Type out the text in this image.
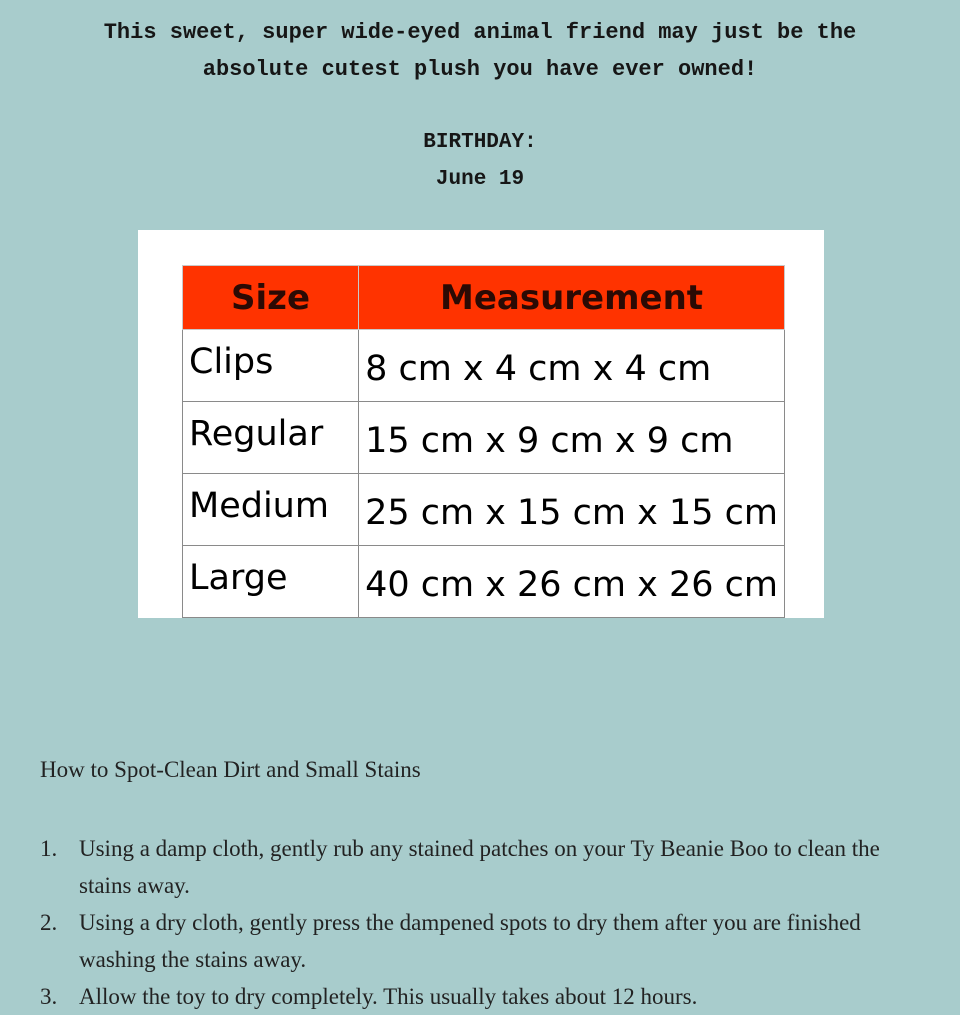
This sweet, super wide-eyed animal friend may just be the
absolute cutest plush you have ever owned!
BIRTHDAY:
June 19
Size	Measurement
Clips	8 cm x 4 cm x 4 cm
Regular	15 cm x 9 cm x 9 cm
Medium	25 cm x 15 cm x 15 cm
Large	40 cm x 26 cm x 26 cm
How to Spot-Clean Dirt and Small Stains
1. Using a damp cloth, gently rub any stained patches on your Ty Beanie Boo to clean the stains away.
2. Using a dry cloth, gently press the dampened spots to dry them after you are finished washing the stains away.
3. Allow the toy to dry completely. This usually takes about 12 hours.
